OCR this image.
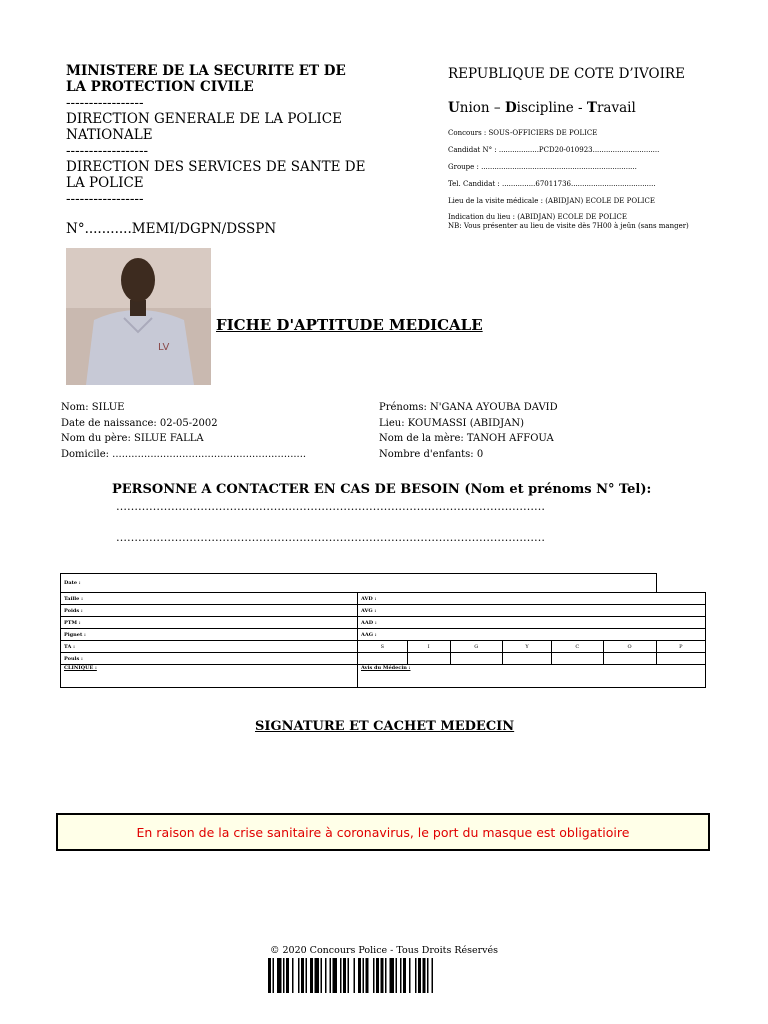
MINISTERE DE LA SECURITE ET DE LA PROTECTION CIVILE
-----------------
DIRECTION GENERALE DE LA POLICE NATIONALE
------------------
DIRECTION DES SERVICES DE SANTE DE LA POLICE
-----------------
N°...........MEMI/DGPN/DSSPN
REPUBLIQUE DE COTE D’IVOIRE
Union – Discipline - Travail
Concours : SOUS-OFFICIERS DE POLICE
Candidat N° : ..................PCD20-010923..............................
Groupe : ......................................................................
Tel. Candidat : ...............67011736......................................
Lieu de la visite médicale : (ABIDJAN) ECOLE DE POLICE
Indication du lieu : (ABIDJAN) ECOLE DE POLICE
NB: Vous présenter au lieu de visite dès 7H00 à jeûn (sans manger)
LV
FICHE D'APTITUDE MEDICALE
Nom: SILUE
Date de naissance: 02-05-2002
Nom du père: SILUE FALLA
Domicile: .............................................................
Prénoms: N'GANA AYOUBA DAVID
Lieu: KOUMASSI (ABIDJAN)
Nom de la mère: TANOH AFFOUA
Nombre d'enfants: 0
PERSONNE A CONTACTER EN CAS DE BESOIN (Nom et prénoms N° Tel):
………………………………………………………………………………………………………
………………………………………………………………………………………………………
Date :							
Taille :	AVD :						
Poids :	AVG :						
PTM :	AAD :						
Pignet :	AAG :						
TA :	S	I	G	Y	C	O	P
Pouls :							
CLINIQUE :	Avis du Médecin :						
SIGNATURE ET CACHET MEDECIN
En raison de la crise sanitaire à coronavirus, le port du masque est obligatioire
© 2020 Concours Police - Tous Droits Réservés
